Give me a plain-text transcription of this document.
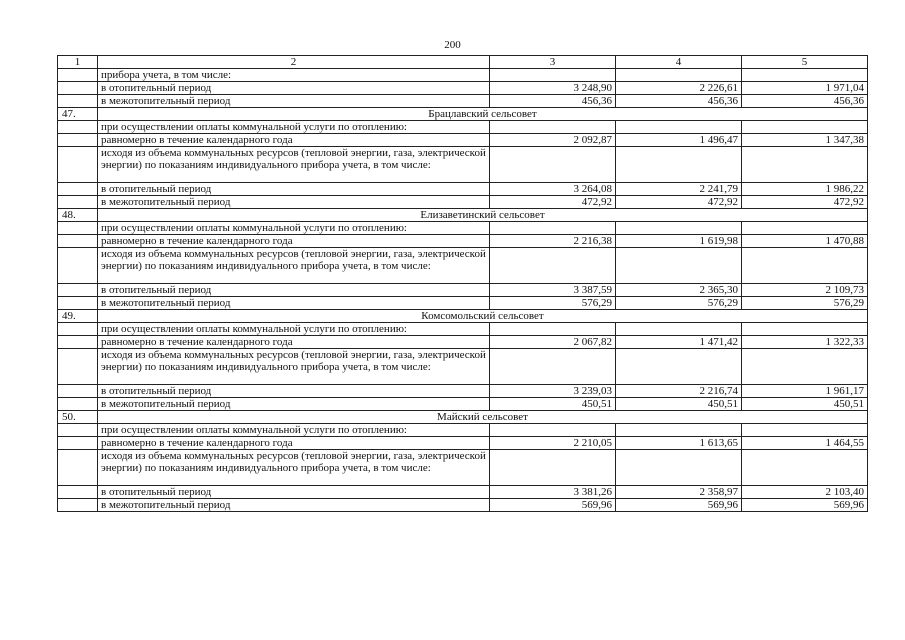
200
1	2	3	4	5
	прибора учета, в том числе:			
	в отопительный период	3 248,90	2 226,61	1 971,04
	в межотопительный период	456,36	456,36	456,36
47.	Брацлавский сельсовет			
	при осуществлении оплаты коммунальной услуги по отоплению:			
	равномерно в течение календарного года	2 092,87	1 496,47	1 347,38
	исходя из объема коммунальных ресурсов (тепловой энергии, газа, электрической энергии) по показаниям индивидуального прибора учета, в том числе:			
	в отопительный период	3 264,08	2 241,79	1 986,22
	в межотопительный период	472,92	472,92	472,92
48.	Елизаветинский сельсовет			
	при осуществлении оплаты коммунальной услуги по отоплению:			
	равномерно в течение календарного года	2 216,38	1 619,98	1 470,88
	исходя из объема коммунальных ресурсов (тепловой энергии, газа, электрической энергии) по показаниям индивидуального прибора учета, в том числе:			
	в отопительный период	3 387,59	2 365,30	2 109,73
	в межотопительный период	576,29	576,29	576,29
49.	Комсомольский сельсовет			
	при осуществлении оплаты коммунальной услуги по отоплению:			
	равномерно в течение календарного года	2 067,82	1 471,42	1 322,33
	исходя из объема коммунальных ресурсов (тепловой энергии, газа, электрической энергии) по показаниям индивидуального прибора учета, в том числе:			
	в отопительный период	3 239,03	2 216,74	1 961,17
	в межотопительный период	450,51	450,51	450,51
50.	Майский сельсовет			
	при осуществлении оплаты коммунальной услуги по отоплению:			
	равномерно в течение календарного года	2 210,05	1 613,65	1 464,55
	исходя из объема коммунальных ресурсов (тепловой энергии, газа, электрической энергии) по показаниям индивидуального прибора учета, в том числе:			
	в отопительный период	3 381,26	2 358,97	2 103,40
	в межотопительный период	569,96	569,96	569,96
